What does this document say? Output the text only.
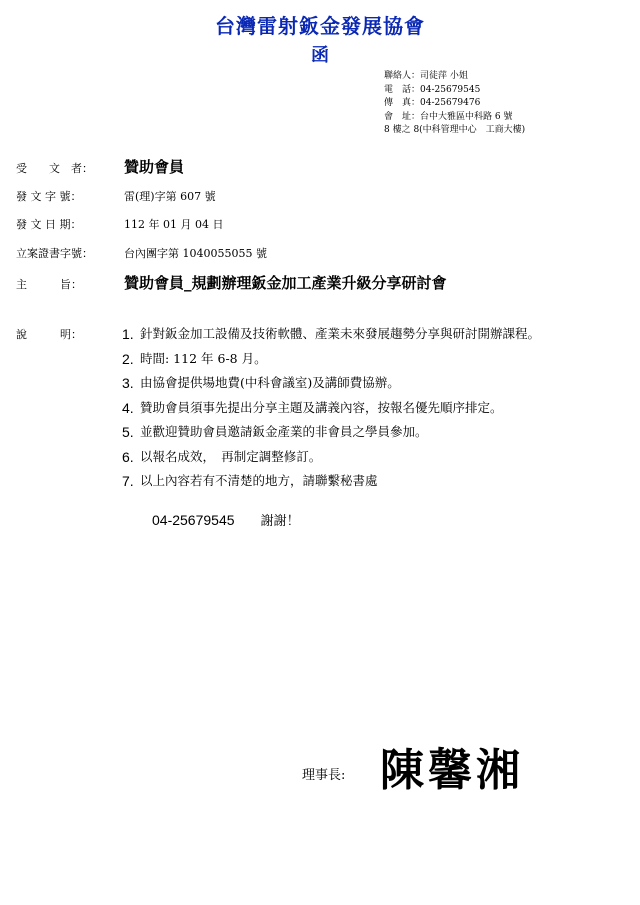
台灣雷射鈑金發展協會
函
聯絡人：司徒萍 小姐
電　話：04-25679545
傳　真：04-25679476
會　址：台中大雅區中科路 6 號
8 樓之 8(中科管理中心　工商大樓)
受　　文　者：	贊助會員
發 文 字 號：	雷(理)字第 607 號
發 文 日 期：	112 年 01 月 04 日
立案證書字號：	台內團字第 1040055055 號
主　　　旨：	贊助會員_規劃辦理鈑金加工產業升級分享研討會
說　　　明：	1. 針對鈑金加工設備及技術軟體、產業未來發展趨勢分享與研討開辦課程。
2. 時間: 112 年 6-8 月。
3. 由協會提供場地費(中科會議室)及講師費協辦。
4. 贊助會員須事先提出分享主題及講義內容，按報名優先順序排定。
5. 並歡迎贊助會員邀請鈑金產業的非會員之學員參加。
6. 以報名成效，　再制定調整修訂。
7. 以上內容若有不清楚的地方，請聯繫秘書處
04-25679545 謝謝！
理事長: 陳馨湘
